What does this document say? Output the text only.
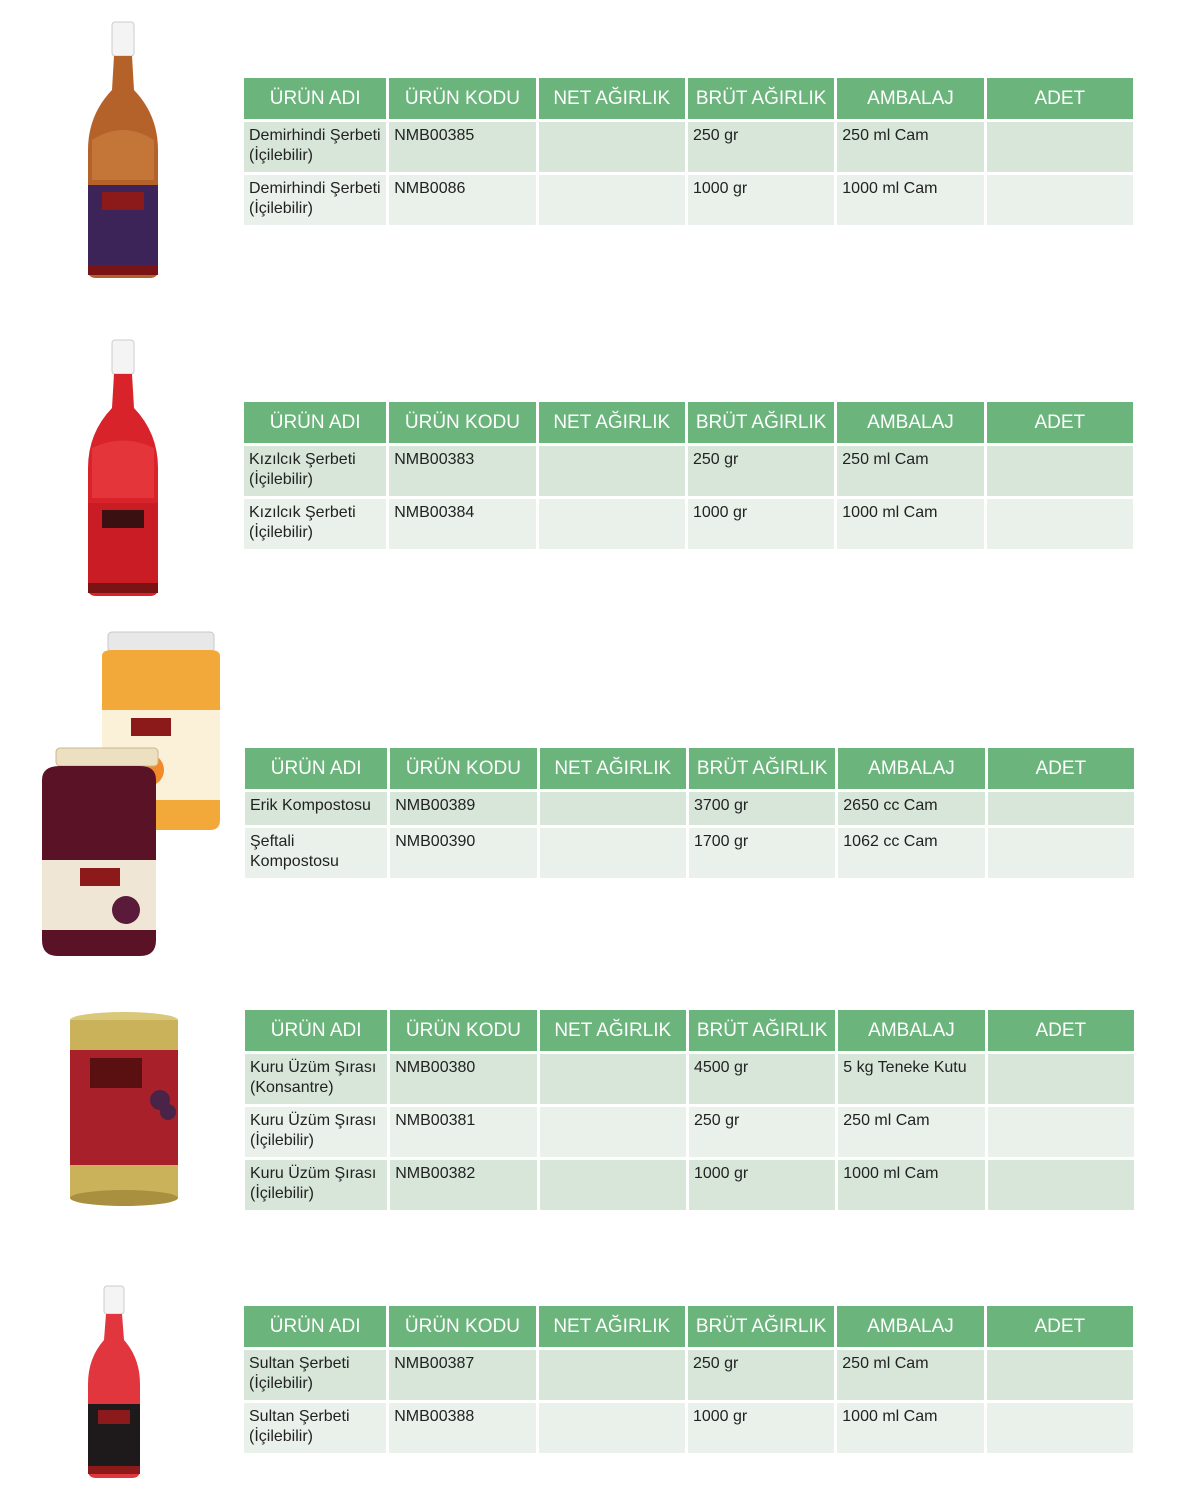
ÜRÜN ADI	ÜRÜN KODU	NET AĞIRLIK	BRÜT AĞIRLIK	AMBALAJ	ADET
Demirhindi Şerbeti (İçilebilir)	NMB00385		250 gr	250 ml Cam	
Demirhindi Şerbeti (İçilebilir)	NMB0086		1000 gr	1000 ml Cam	
ÜRÜN ADI	ÜRÜN KODU	NET AĞIRLIK	BRÜT AĞIRLIK	AMBALAJ	ADET
Kızılcık Şerbeti (İçilebilir)	NMB00383		250 gr	250 ml Cam	
Kızılcık Şerbeti (İçilebilir)	NMB00384		1000 gr	1000 ml Cam	
ÜRÜN ADI	ÜRÜN KODU	NET AĞIRLIK	BRÜT AĞIRLIK	AMBALAJ	ADET
Erik Kompostosu	NMB00389		3700 gr	2650 cc Cam	
Şeftali Kompostosu	NMB00390		1700 gr	1062 cc Cam	
ÜRÜN ADI	ÜRÜN KODU	NET AĞIRLIK	BRÜT AĞIRLIK	AMBALAJ	ADET
Kuru Üzüm Şırası (Konsantre)	NMB00380		4500 gr	5 kg Teneke Kutu	
Kuru Üzüm Şırası (İçilebilir)	NMB00381		250 gr	250 ml Cam	
Kuru Üzüm Şırası (İçilebilir)	NMB00382		1000 gr	1000 ml Cam	
ÜRÜN ADI	ÜRÜN KODU	NET AĞIRLIK	BRÜT AĞIRLIK	AMBALAJ	ADET
Sultan Şerbeti (İçilebilir)	NMB00387		250 gr	250 ml Cam	
Sultan Şerbeti (İçilebilir)	NMB00388		1000 gr	1000 ml Cam	
